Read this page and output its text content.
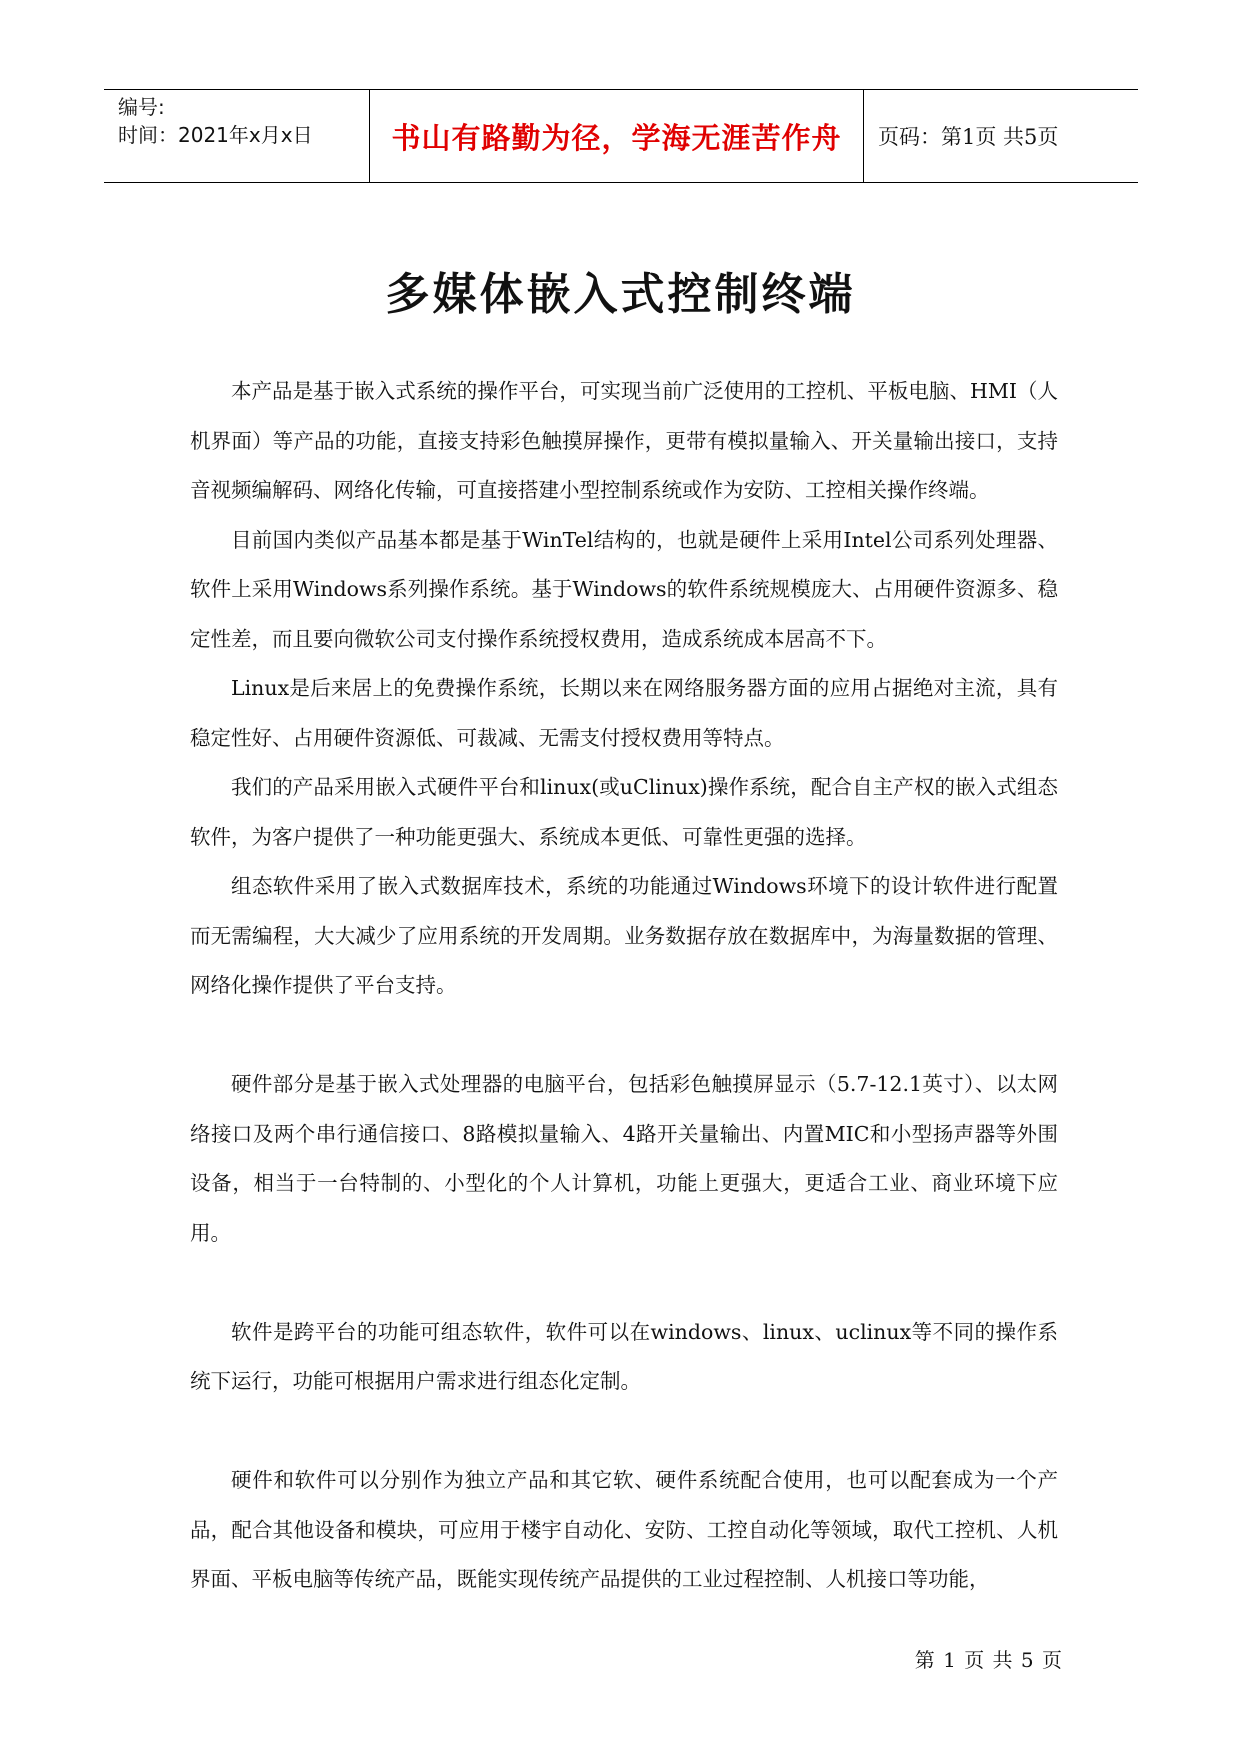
编号:
时间：2021年x月x日	书山有路勤为径，学海无涯苦作舟 页码：第1页 共5页
多媒体嵌入式控制终端

本产品是基于嵌入式系统的操作平台，可实现当前广泛使用的工控机、平板电脑、HMI（人机界面）等产品的功能，直接支持彩色触摸屏操作，更带有模拟量输入、开关量输出接口，支持音视频编解码、网络化传输，可直接搭建小型控制系统或作为安防、工控相关操作终端。

目前国内类似产品基本都是基于WinTel结构的，也就是硬件上采用Intel公司系列处理器、软件上采用Windows系列操作系统。基于Windows的软件系统规模庞大、占用硬件资源多、稳定性差，而且要向微软公司支付操作系统授权费用，造成系统成本居高不下。

Linux是后来居上的免费操作系统，长期以来在网络服务器方面的应用占据绝对主流，具有稳定性好、占用硬件资源低、可裁减、无需支付授权费用等特点。

我们的产品采用嵌入式硬件平台和linux(或uClinux)操作系统，配合自主产权的嵌入式组态软件，为客户提供了一种功能更强大、系统成本更低、可靠性更强的选择。

组态软件采用了嵌入式数据库技术，系统的功能通过Windows环境下的设计软件进行配置而无需编程，大大减少了应用系统的开发周期。业务数据存放在数据库中，为海量数据的管理、网络化操作提供了平台支持。

硬件部分是基于嵌入式处理器的电脑平台，包括彩色触摸屏显示（5.7-12.1英寸）、以太网络接口及两个串行通信接口、8路模拟量输入、4路开关量输出、内置MIC和小型扬声器等外围设备，相当于一台特制的、小型化的个人计算机，功能上更强大，更适合工业、商业环境下应用。

软件是跨平台的功能可组态软件，软件可以在windows、linux、uclinux等不同的操作系统下运行，功能可根据用户需求进行组态化定制。

硬件和软件可以分别作为独立产品和其它软、硬件系统配合使用，也可以配套成为一个产品，配合其他设备和模块，可应用于楼宇自动化、安防、工控自动化等领域，取代工控机、人机界面、平板电脑等传统产品，既能实现传统产品提供的工业过程控制、人机接口等功能，

第 1 页 共 5 页
